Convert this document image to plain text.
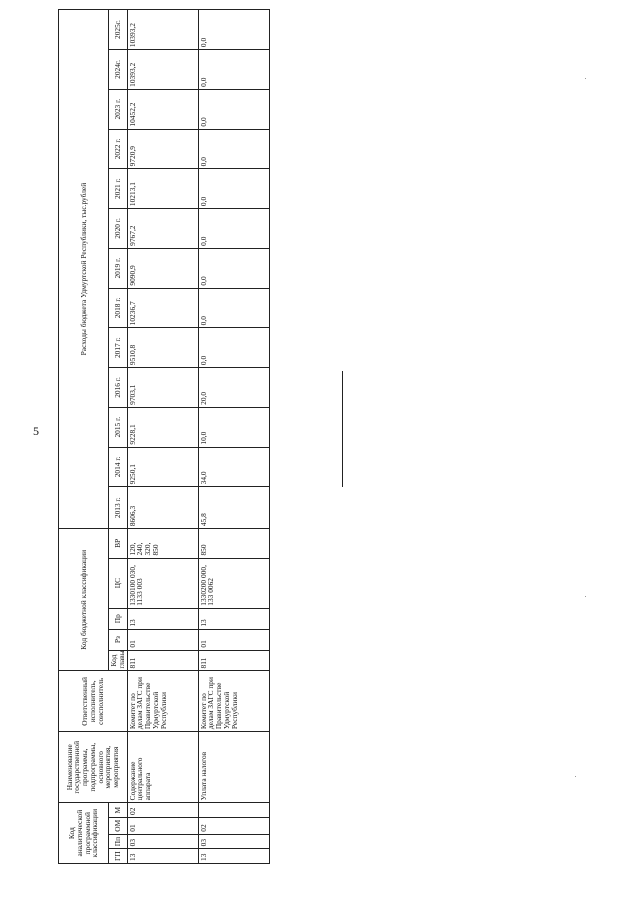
5
Код аналитической программной классификации				Наименование государственной программы, подпрограммы, основного мероприятия, мероприятия	Ответственный исполнитель, соисполнитель	Код бюджетной классификации					Расходы бюджета Удмуртской Республики, тыс.рублей												
ГП	Пп	ОМ	М			Код главы	Рз	Пр	ЦС	ВР	2013 г.	2014 г.	2015 г.	2016 г.	2017 г.	2018 г.	2019 г.	2020 г.	2021 г.	2022 г.	2023 г.	2024г.	2025г.
13	03	01	02	Содержание центрального аппарата	Комитет по делам ЗАГС при Правительстве Удмуртской Республики	811	01	13	1330100 030, 1133 003	120, 240, 320, 850	8606,3	9250,1	9228,1	9703,1	9510,8	10236,7	9090,9	9767,2	10213,1	9720,9	10452,2	10393,2	10393,2
13	03	02		Уплата налогов	Комитет по делам ЗАГС при Правительстве Удмуртской Республики	811	01	13	1330200 000, 133 0062	850	45,8	34,0	10,0	20,0	0,0	0,0	0,0	0,0	0,0	0,0	0,0	0,0	0,0
